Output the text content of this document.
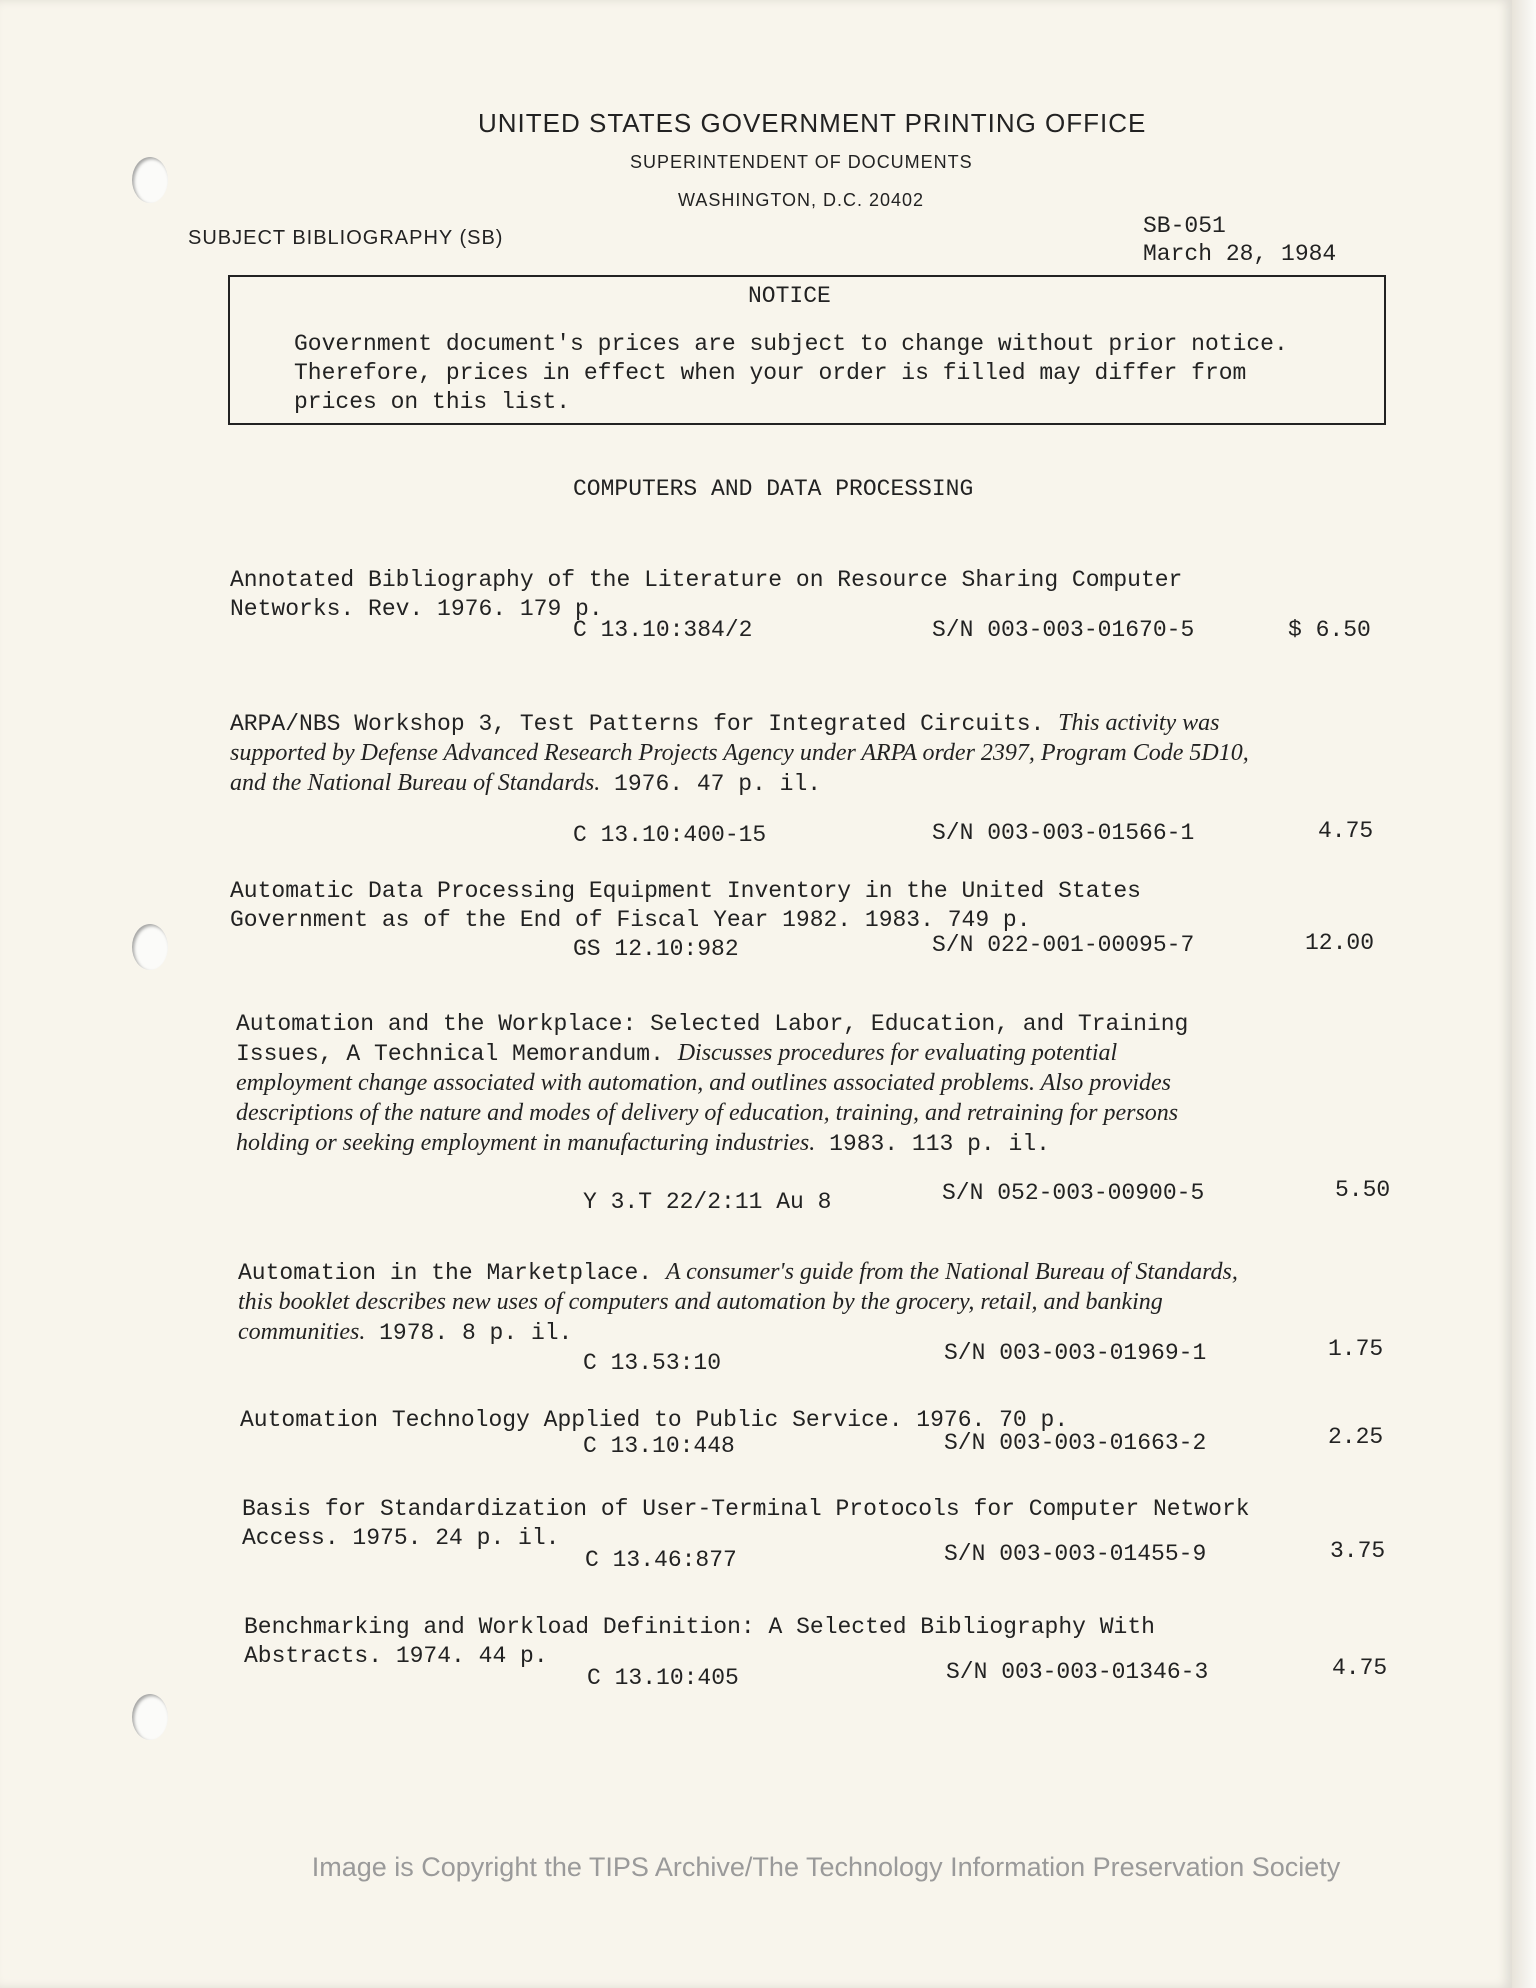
UNITED STATES GOVERNMENT PRINTING OFFICE
SUPERINTENDENT OF DOCUMENTS
WASHINGTON, D.C. 20402
SUBJECT BIBLIOGRAPHY (SB)	SB-051
March 28, 1984
NOTICE
Government document's prices are subject to change without prior notice.
Therefore, prices in effect when your order is filled may differ from
prices on this list.
COMPUTERS AND DATA PROCESSING
Annotated Bibliography of the Literature on Resource Sharing Computer Networks. Rev. 1976. 179 p.
C 13.10:384/2	S/N 003-003-01670-5	$ 6.50
ARPA/NBS Workshop 3, Test Patterns for Integrated Circuits. This activity was supported by Defense Advanced Research Projects Agency under ARPA order 2397, Program Code 5D10, and the National Bureau of Standards. 1976. 47 p. il.
C 13.10:400-15	S/N 003-003-01566-1	4.75
Automatic Data Processing Equipment Inventory in the United States Government as of the End of Fiscal Year 1982. 1983. 749 p.
GS 12.10:982	S/N 022-001-00095-7	12.00
Automation and the Workplace: Selected Labor, Education, and Training Issues, A Technical Memorandum. Discusses procedures for evaluating potential employment change associated with automation, and outlines associated problems. Also provides descriptions of the nature and modes of delivery of education, training, and retraining for persons holding or seeking employment in manufacturing industries. 1983. 113 p. il.
Y 3.T 22/2:11 Au 8	S/N 052-003-00900-5	5.50
Automation in the Marketplace. A consumer's guide from the National Bureau of Standards, this booklet describes new uses of computers and automation by the grocery, retail, and banking communities. 1978. 8 p. il.
C 13.53:10	S/N 003-003-01969-1	1.75
Automation Technology Applied to Public Service. 1976. 70 p.
C 13.10:448	S/N 003-003-01663-2	2.25
Basis for Standardization of User-Terminal Protocols for Computer Network Access. 1975. 24 p. il.
C 13.46:877	S/N 003-003-01455-9	3.75
Benchmarking and Workload Definition: A Selected Bibliography With Abstracts. 1974. 44 p.
C 13.10:405	S/N 003-003-01346-3	4.75
Image is Copyright the TIPS Archive/The Technology Information Preservation Society
